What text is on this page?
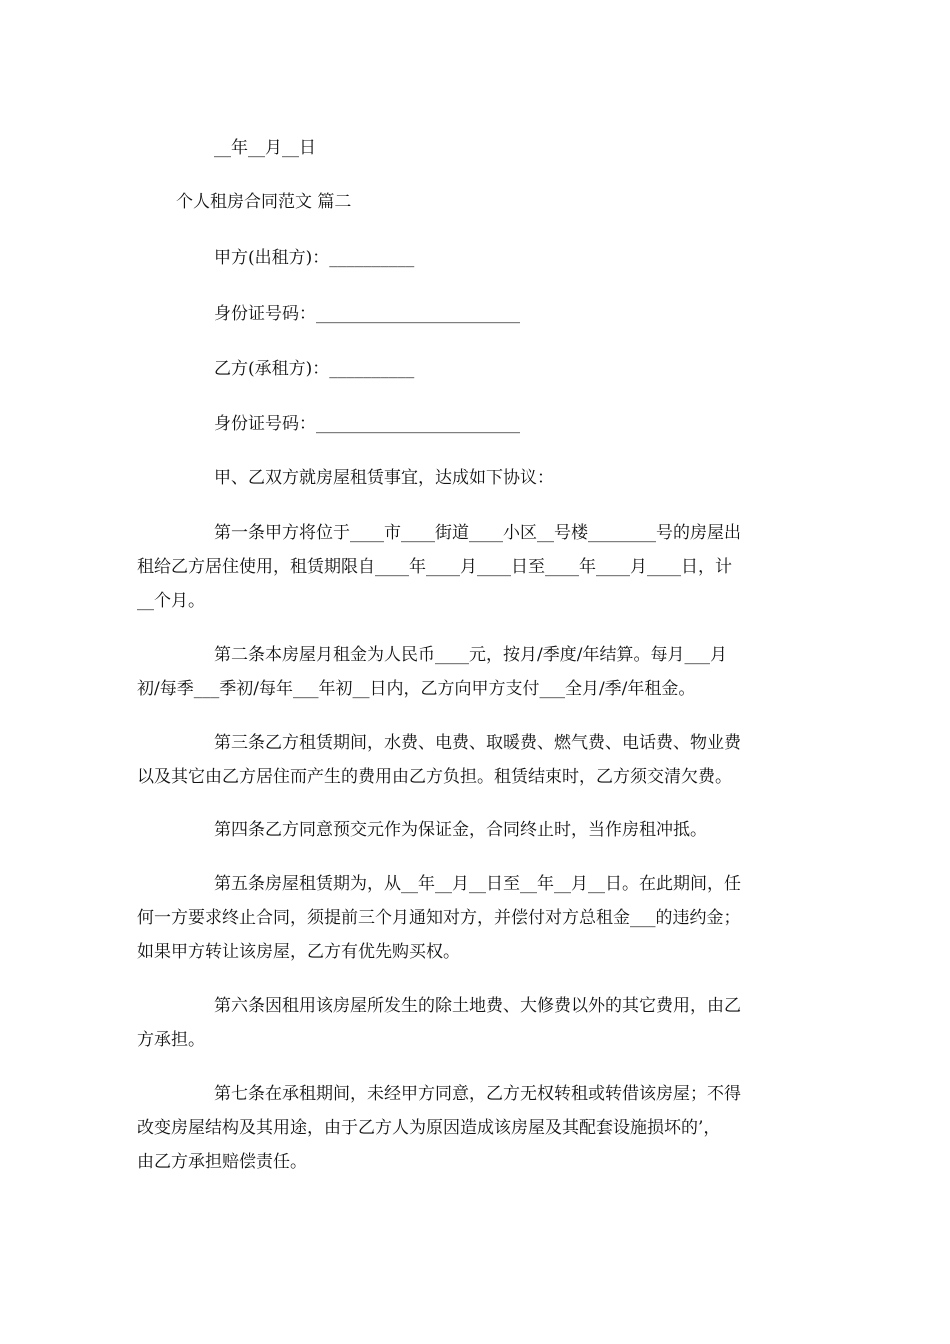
__年__月__日
个人租房合同范文 篇二
甲方(出租方)：__________
身份证号码：________________________
乙方(承租方)：__________
身份证号码：________________________
甲、乙双方就房屋租赁事宜，达成如下协议：
第一条甲方将位于____市____街道____小区__号楼________号的房屋出
租给乙方居住使用，租赁期限自____年____月____日至____年____月____日，计
__个月。
第二条本房屋月租金为人民币____元，按月/季度/年结算。每月___月
初/每季___季初/每年___年初__日内，乙方向甲方支付___全月/季/年租金。
第三条乙方租赁期间，水费、电费、取暖费、燃气费、电话费、物业费
以及其它由乙方居住而产生的费用由乙方负担。租赁结束时，乙方须交清欠费。
第四条乙方同意预交元作为保证金，合同终止时，当作房租冲抵。
第五条房屋租赁期为，从__年__月__日至__年__月__日。在此期间，任
何一方要求终止合同，须提前三个月通知对方，并偿付对方总租金___的违约金；
如果甲方转让该房屋，乙方有优先购买权。
第六条因租用该房屋所发生的除土地费、大修费以外的其它费用，由乙
方承担。
第七条在承租期间，未经甲方同意，乙方无权转租或转借该房屋；不得
改变房屋结构及其用途，由于乙方人为原因造成该房屋及其配套设施损坏的’，
由乙方承担赔偿责任。
